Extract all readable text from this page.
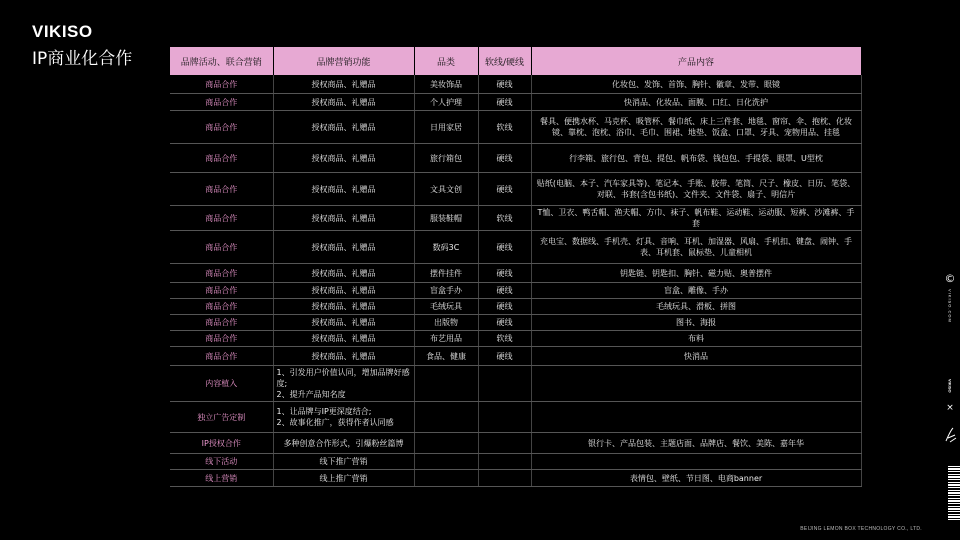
VIKISO
IP商业化合作	品牌活动、联合营销	品牌营销功能	品类	软线/硬线	产品内容
商品合作	授权商品、礼赠品	美妆饰品	硬线	化妆包、发饰、首饰、胸针、徽章、发带、眼镜
商品合作	授权商品、礼赠品	个人护理	硬线	快消品、化妆品、面膜、口红、日化洗护
商品合作	授权商品、礼赠品	日用家居	软线	餐具、便携水杯、马克杯、吸管杯、餐巾纸、床上三件套、地毯、窗帘、伞、抱枕、化妆镜、靠枕、泡枕、浴巾、毛巾、围裙、地垫、饭盒、口罩、牙具、宠物用品、挂毯
商品合作	授权商品、礼赠品	旅行箱包	硬线	行李箱、旅行包、背包、提包、帆布袋、钱包包、手提袋、眼罩、U型枕
商品合作	授权商品、礼赠品	文具文创	硬线	贴纸(电脑、本子、汽车家具等)、笔记本、手账、胶带、笔筒、尺子、橡皮、日历、笔袋、对联、书套(含包书纸)、文件夹、文件袋、扇子、明信片
商品合作	授权商品、礼赠品	服装鞋帽	软线	T恤、卫衣、鸭舌帽、渔夫帽、方巾、袜子、帆布鞋、运动鞋、运动服、短裤、沙滩裤、手套
商品合作	授权商品、礼赠品	数码3C	硬线	充电宝、数据线、手机壳、灯具、音响、耳机、加湿器、风扇、手机扣、键盘、闹钟、手表、耳机套、鼠标垫、儿童相机
商品合作	授权商品、礼赠品	摆件挂件	硬线	钥匙链、钥匙扣、胸针、磁力贴、奥普摆件
商品合作	授权商品、礼赠品	盲盒手办	硬线	盲盒、雕像、手办
商品合作	授权商品、礼赠品	毛绒玩具	硬线	毛绒玩具、滑板、拼图
商品合作	授权商品、礼赠品	出版物	硬线	图书、海报
商品合作	授权商品、礼赠品	布艺用品	软线	布料
商品合作	授权商品、礼赠品	食品、健康	硬线	快消品
内容植入	1、引发用户价值认同，增加品牌好感度;
2、提升产品知名度			
独立广告定制	1、让品牌与IP更深度结合;
2、故事化推广，获得作者认同感			
IP授权合作	多种创意合作形式，引爆粉丝篇博			银行卡、产品包装、主题店面、品牌店、餐饮、美陈、嘉年华
线下活动	线下推广营销			
线上营销	线上推广营销			表情包、壁纸、节日图、电商banner
©
VIKISO.COM
VIKISO
×
BEIJING LEMON BOX TECHNOLOGY CO., LTD.
